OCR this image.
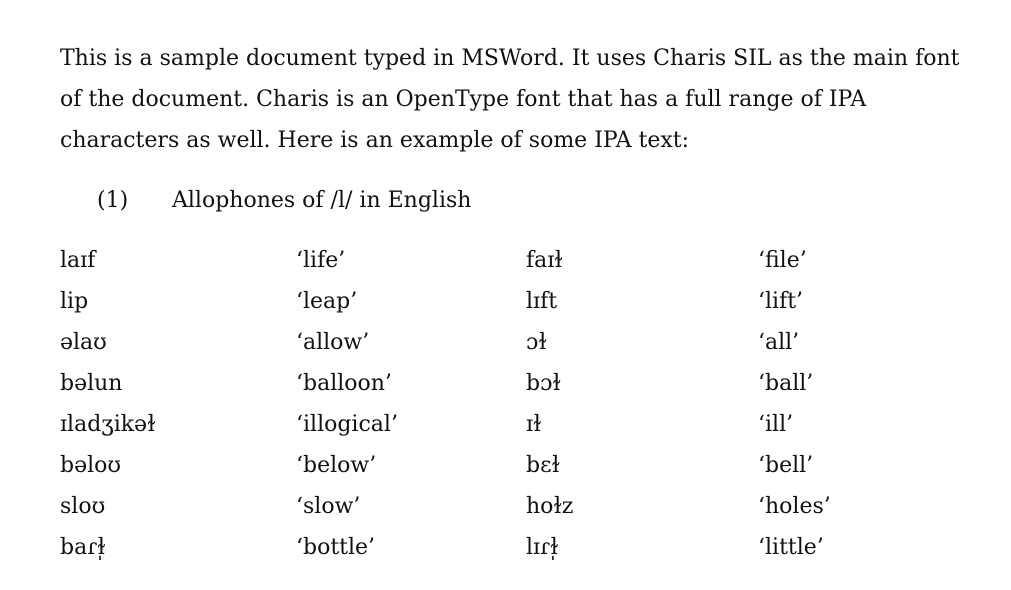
This is a sample document typed in MSWord. It uses Charis SIL as the main font
of the document. Charis is an OpenType font that has a full range of IPA
characters as well. Here is an example of some IPA text:

(1) Allophones of /l/ in English
laɪf	‘life’	faɪɫ	‘file’
lip	‘leap’	lɪft	‘lift’
əlaʊ	‘allow’	ɔɫ	‘all’
bəlun	‘balloon’	bɔɫ	‘ball’
ɪladʒikəɫ	‘illogical’	ɪɫ	‘ill’
bəloʊ	‘below’	bɛɫ	‘bell’
sloʊ	‘slow’	hoɫz	‘holes’
baɾɫ̩	‘bottle’	lɪɾɫ̩	‘little’
